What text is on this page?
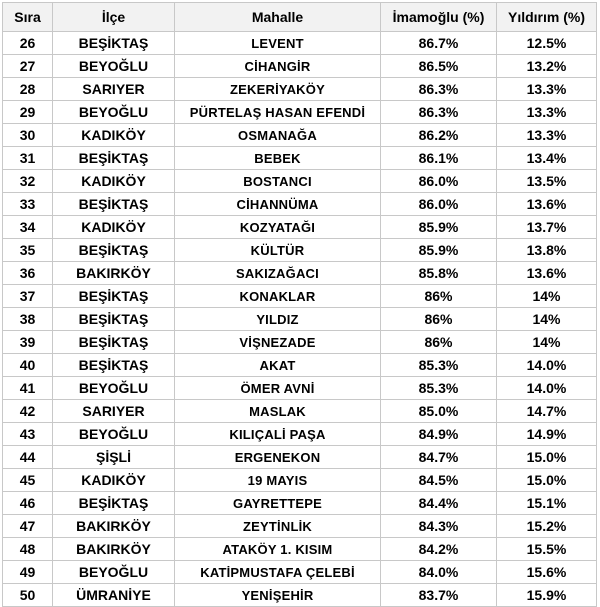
Sıra	İlçe	Mahalle	İmamoğlu (%)	Yıldırım (%)
26	BEŞİKTAŞ	LEVENT	86.7%	12.5%
27	BEYOĞLU	CİHANGİR	86.5%	13.2%
28	SARIYER	ZEKERİYAKÖY	86.3%	13.3%
29	BEYOĞLU	PÜRTELAŞ HASAN EFENDİ	86.3%	13.3%
30	KADIKÖY	OSMANAĞA	86.2%	13.3%
31	BEŞİKTAŞ	BEBEK	86.1%	13.4%
32	KADIKÖY	BOSTANCI	86.0%	13.5%
33	BEŞİKTAŞ	CİHANNÜMA	86.0%	13.6%
34	KADIKÖY	KOZYATAĞI	85.9%	13.7%
35	BEŞİKTAŞ	KÜLTÜR	85.9%	13.8%
36	BAKIRKÖY	SAKIZAĞACI	85.8%	13.6%
37	BEŞİKTAŞ	KONAKLAR	86%	14%
38	BEŞİKTAŞ	YILDIZ	86%	14%
39	BEŞİKTAŞ	VİŞNEZADE	86%	14%
40	BEŞİKTAŞ	AKAT	85.3%	14.0%
41	BEYOĞLU	ÖMER AVNİ	85.3%	14.0%
42	SARIYER	MASLAK	85.0%	14.7%
43	BEYOĞLU	KILIÇALİ PAŞA	84.9%	14.9%
44	ŞİŞLİ	ERGENEKON	84.7%	15.0%
45	KADIKÖY	19 MAYIS	84.5%	15.0%
46	BEŞİKTAŞ	GAYRETTEPE	84.4%	15.1%
47	BAKIRKÖY	ZEYTİNLİK	84.3%	15.2%
48	BAKIRKÖY	ATAKÖY 1. KISIM	84.2%	15.5%
49	BEYOĞLU	KATİPMUSTAFA ÇELEBİ	84.0%	15.6%
50	ÜMRANİYE	YENİŞEHİR	83.7%	15.9%
